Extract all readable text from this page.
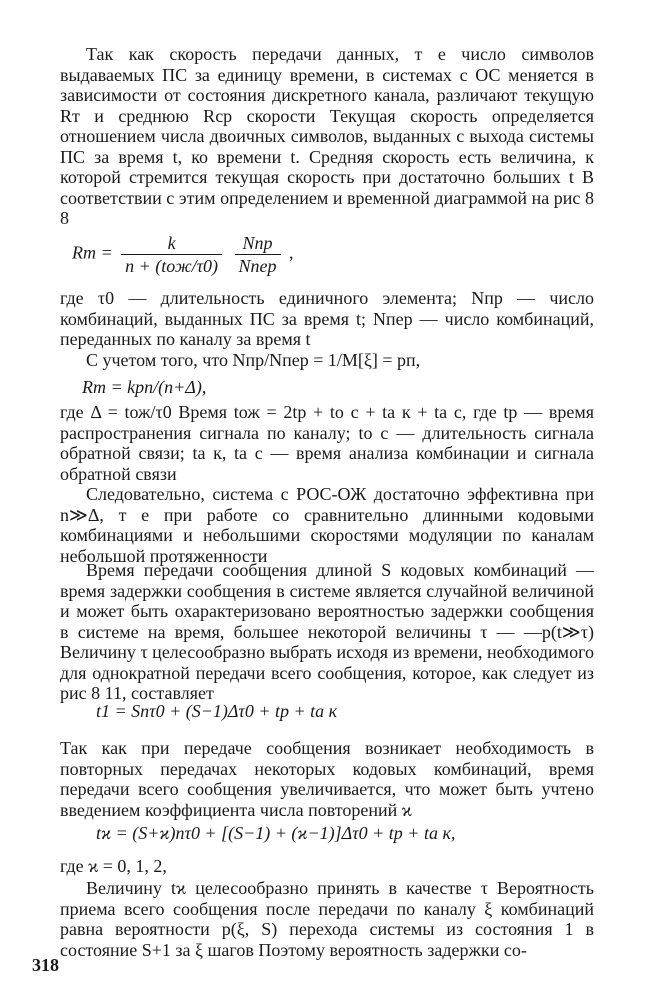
Так как скорость передачи данных, т е число символов выдаваемых ПС за единицу времени, в системах с ОС меняется в зависимости от состояния дискретного канала, различают текущую Rт и среднюю Rср скорости Текущая скорость определяется отношением числа двоичных символов, выданных с выхода системы ПС за время t, ко времени t. Средняя скорость есть величина, к которой стремится текущая скорость при достаточно больших t В соответствии с этим определением и временной диаграммой на рис 8 8

Rт = $\frac{k}{\text{n + (tож/τ0)}}$
$\frac{\text{Nпр}}{\text{Nпер}}$ ,

где τ0 — длительность единичного элемента; Nпр — число комбинаций, выданных ПС за время t; Nпер — число комбинаций, переданных по каналу за время t

С учетом того, что Nпр/Nпер = 1/M[ξ] = pп,

Rт = kpп/(n+Δ),

где Δ = tож/τ0 Время tож = 2tр + tо с + tа к + tа с, где tр — время распространения сигнала по каналу; tо с — длительность сигнала обратной связи; tа к, tа с — время анализа комбинации и сигнала обратной связи

Следовательно, система с РОС-ОЖ достаточно эффективна при n≫Δ, т е при работе со сравнительно длинными кодовыми комбинациями и небольшими скоростями модуляции по каналам небольшой протяженности

Время передачи сообщения длиной S кодовых комбинаций — время задержки сообщения в системе является случайной величиной и может быть охарактеризовано вероятностью задержки сообщения в системе на время, большее некоторой величины τ — —p(t≫τ) Величину τ целесообразно выбрать исходя из времени, необходимого для однократной передачи всего сообщения, которое, как следует из рис 8 11, составляет

t1 = Snτ0 + (S−1)Δτ0 + tр + tа к

Так как при передаче сообщения возникает необходимость в повторных передачах некоторых кодовых комбинаций, время передачи всего сообщения увеличивается, что может быть учтено введением коэффициента числа повторений ϰ

tϰ = (S+ϰ)nτ0 + [(S−1) + (ϰ−1)]Δτ0 + tр + tа к,

где ϰ = 0, 1, 2,

Величину tϰ целесообразно принять в качестве τ Вероятность приема всего сообщения после передачи по каналу ξ комбинаций равна вероятности p(ξ, S) перехода системы из состояния 1 в состояние S+1 за ξ шагов Поэтому вероятность задержки со-

318
